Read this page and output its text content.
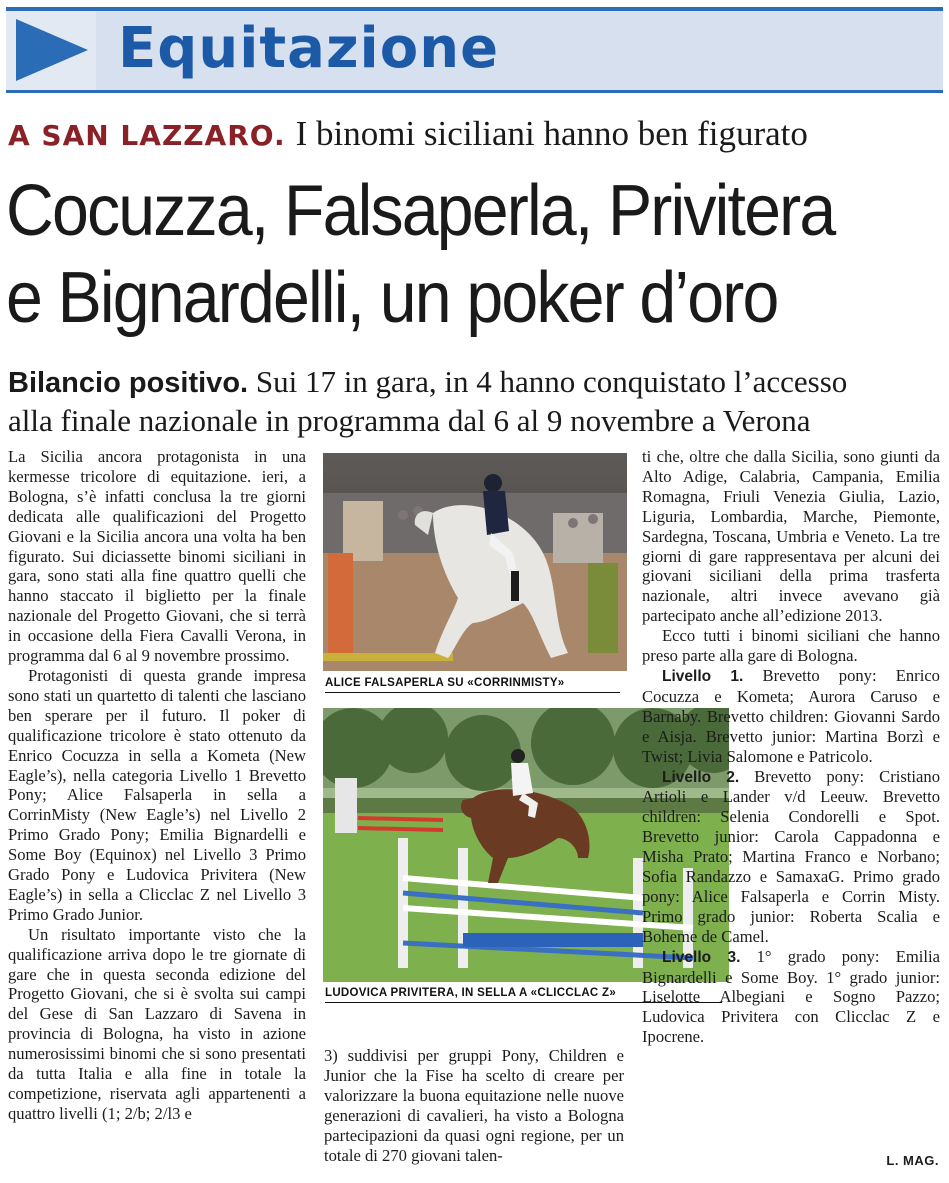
Equitazione
A SAN LAZZARO. I binomi siciliani hanno ben figurato
Cocuzza, Falsaperla, Privitera
e Bignardelli, un poker d’oro
Bilancio positivo. Sui 17 in gara, in 4 hanno conquistato l’accesso
alla finale nazionale in programma dal 6 al 9 novembre a Verona

La Sicilia ancora protagonista in una kermesse tricolore di equitazione. ieri, a Bologna, s’è infatti conclusa la tre giorni dedicata alle qualificazioni del Progetto Giovani e la Sicilia ancora una volta ha ben figurato. Sui diciassette binomi siciliani in gara, sono stati alla fine quattro quelli che hanno staccato il biglietto per la finale nazionale del Progetto Giovani, che si terrà in occasione della Fiera Cavalli Verona, in programma dal 6 al 9 novembre prossimo.

Protagonisti di questa grande impresa sono stati un quartetto di talenti che lasciano ben sperare per il futuro. Il poker di qualificazione tricolore è stato ottenuto da Enrico Cocuzza in sella a Kometa (New Eagle’s), nella categoria Livello 1 Brevetto Pony; Alice Falsaperla in sella a CorrinMisty (New Eagle’s) nel Livello 2 Primo Grado Pony; Emilia Bignardelli e Some Boy (Equinox) nel Livello 3 Primo Grado Pony e Ludovica Privitera (New Eagle’s) in sella a Clicclac Z nel Livello 3 Primo Grado Junior.

Un risultato importante visto che la qualificazione arriva dopo le tre giornate di gare che in questa seconda edizione del Progetto Giovani, che si è svolta sui campi del Gese di San Lazzaro di Savena in provincia di Bologna, ha visto in azione numerosissimi binomi che si sono presentati da tutta Italia e alla fine in totale la competizione, riservata agli appartenenti a quattro livelli (1; 2/b; 2/l3 e

ALICE FALSAPERLA SU «CORRINMISTY»
LUDOVICA PRIVITERA, IN SELLA A «CLICCLAC Z»

3) suddivisi per gruppi Pony, Children e Junior che la Fise ha scelto di creare per valorizzare la buona equitazione nelle nuove generazioni di cavalieri, ha visto a Bologna partecipazioni da quasi ogni regione, per un totale di 270 giovani talen-

ti che, oltre che dalla Sicilia, sono giunti da Alto Adige, Calabria, Campania, Emilia Romagna, Friuli Venezia Giulia, Lazio, Liguria, Lombardia, Marche, Piemonte, Sardegna, Toscana, Umbria e Veneto. La tre giorni di gare rappresentava per alcuni dei giovani siciliani della prima trasferta nazionale, altri invece avevano già partecipato anche all’edizione 2013.

Ecco tutti i binomi siciliani che hanno preso parte alla gare di Bologna.

Livello 1. Brevetto pony: Enrico Cocuzza e Kometa; Aurora Caruso e Barnaby. Brevetto children: Giovanni Sardo e Aisja. Brevetto junior: Martina Borzì e Twist; Livia Salomone e Patricolo.

Livello 2. Brevetto pony: Cristiano Artioli e Lander v/d Leeuw. Brevetto children: Selenia Condorelli e Spot. Brevetto junior: Carola Cappadonna e Misha Prato; Martina Franco e Norbano; Sofia Randazzo e SamaxaG. Primo grado pony: Alice Falsaperla e Corrin Misty. Primo grado junior: Roberta Scalia e Boheme de Camel.

Livello 3. 1° grado pony: Emilia Bignardelli e Some Boy. 1° grado junior: Liselotte Albegiani e Sogno Pazzo; Ludovica Privitera con Clicclac Z e Ipocrene.

L. MAG.
